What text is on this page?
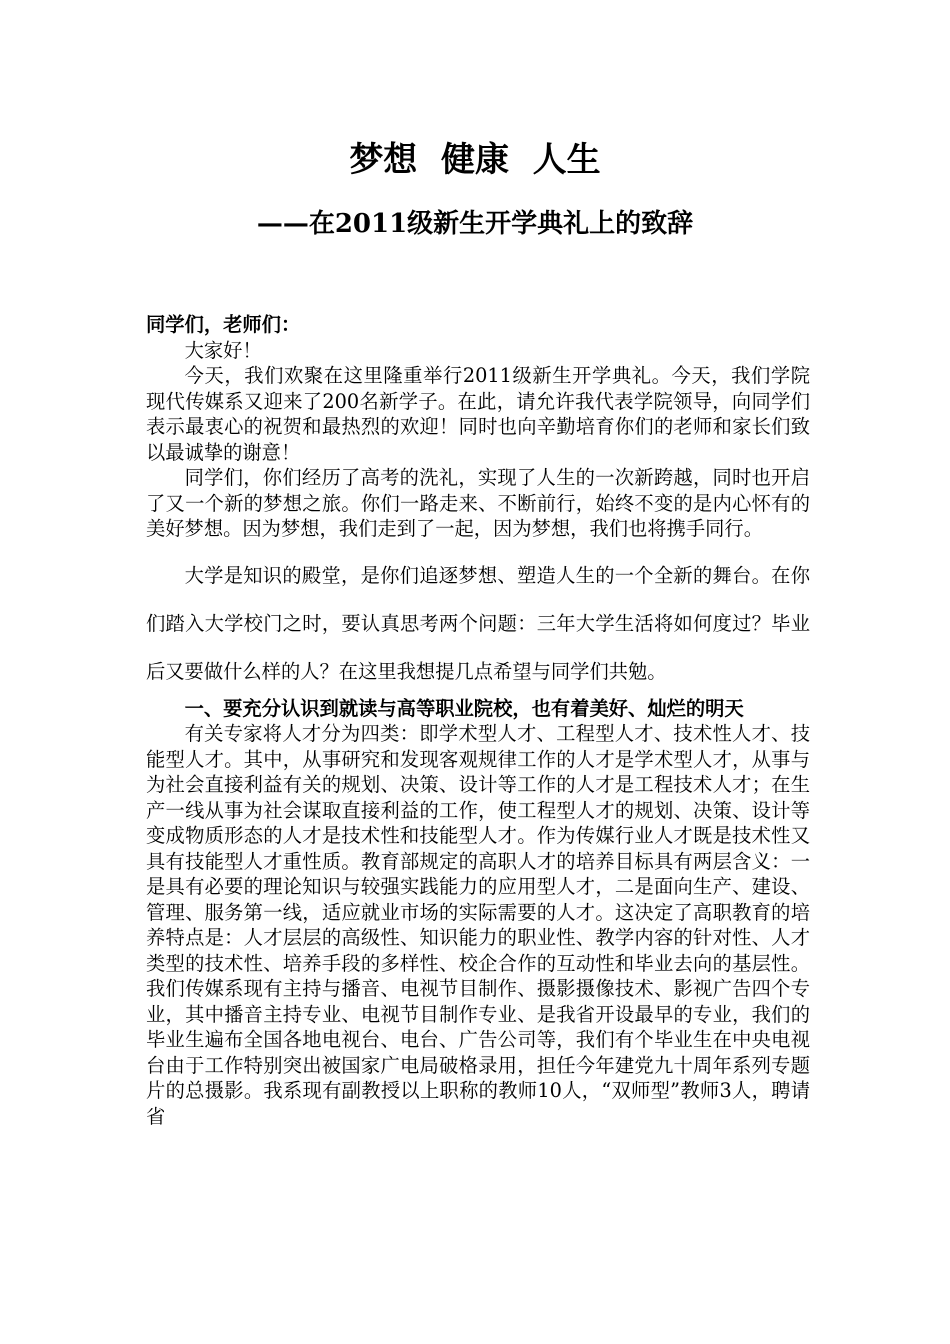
梦想  健康  人生
——在2011级新生开学典礼上的致辞

同学们，老师们：

大家好！

今天，我们欢聚在这里隆重举行2011级新生开学典礼。今天，我们学院现代传媒系又迎来了200名新学子。在此，请允许我代表学院领导，向同学们表示最衷心的祝贺和最热烈的欢迎！同时也向辛勤培育你们的老师和家长们致以最诚挚的谢意！

同学们，你们经历了高考的洗礼，实现了人生的一次新跨越，同时也开启了又一个新的梦想之旅。你们一路走来、不断前行，始终不变的是内心怀有的美好梦想。因为梦想，我们走到了一起，因为梦想，我们也将携手同行。

大学是知识的殿堂，是你们追逐梦想、塑造人生的一个全新的舞台。在你们踏入大学校门之时，要认真思考两个问题：三年大学生活将如何度过？毕业后又要做什么样的人？在这里我想提几点希望与同学们共勉。

一、要充分认识到就读与高等职业院校，也有着美好、灿烂的明天

有关专家将人才分为四类：即学术型人才、工程型人才、技术性人才、技能型人才。其中，从事研究和发现客观规律工作的人才是学术型人才，从事与为社会直接利益有关的规划、决策、设计等工作的人才是工程技术人才；在生产一线从事为社会谋取直接利益的工作，使工程型人才的规划、决策、设计等变成物质形态的人才是技术性和技能型人才。作为传媒行业人才既是技术性又具有技能型人才重性质。教育部规定的高职人才的培养目标具有两层含义：一是具有必要的理论知识与较强实践能力的应用型人才，二是面向生产、建设、管理、服务第一线，适应就业市场的实际需要的人才。这决定了高职教育的培养特点是：人才层层的高级性、知识能力的职业性、教学内容的针对性、人才类型的技术性、培养手段的多样性、校企合作的互动性和毕业去向的基层性。我们传媒系现有主持与播音、电视节目制作、摄影摄像技术、影视广告四个专业，其中播音主持专业、电视节目制作专业、是我省开设最早的专业，我们的毕业生遍布全国各地电视台、电台、广告公司等，我们有个毕业生在中央电视台由于工作特别突出被国家广电局破格录用，担任今年建党九十周年系列专题片的总摄影。我系现有副教授以上职称的教师10人，“双师型”教师3人，聘请省
